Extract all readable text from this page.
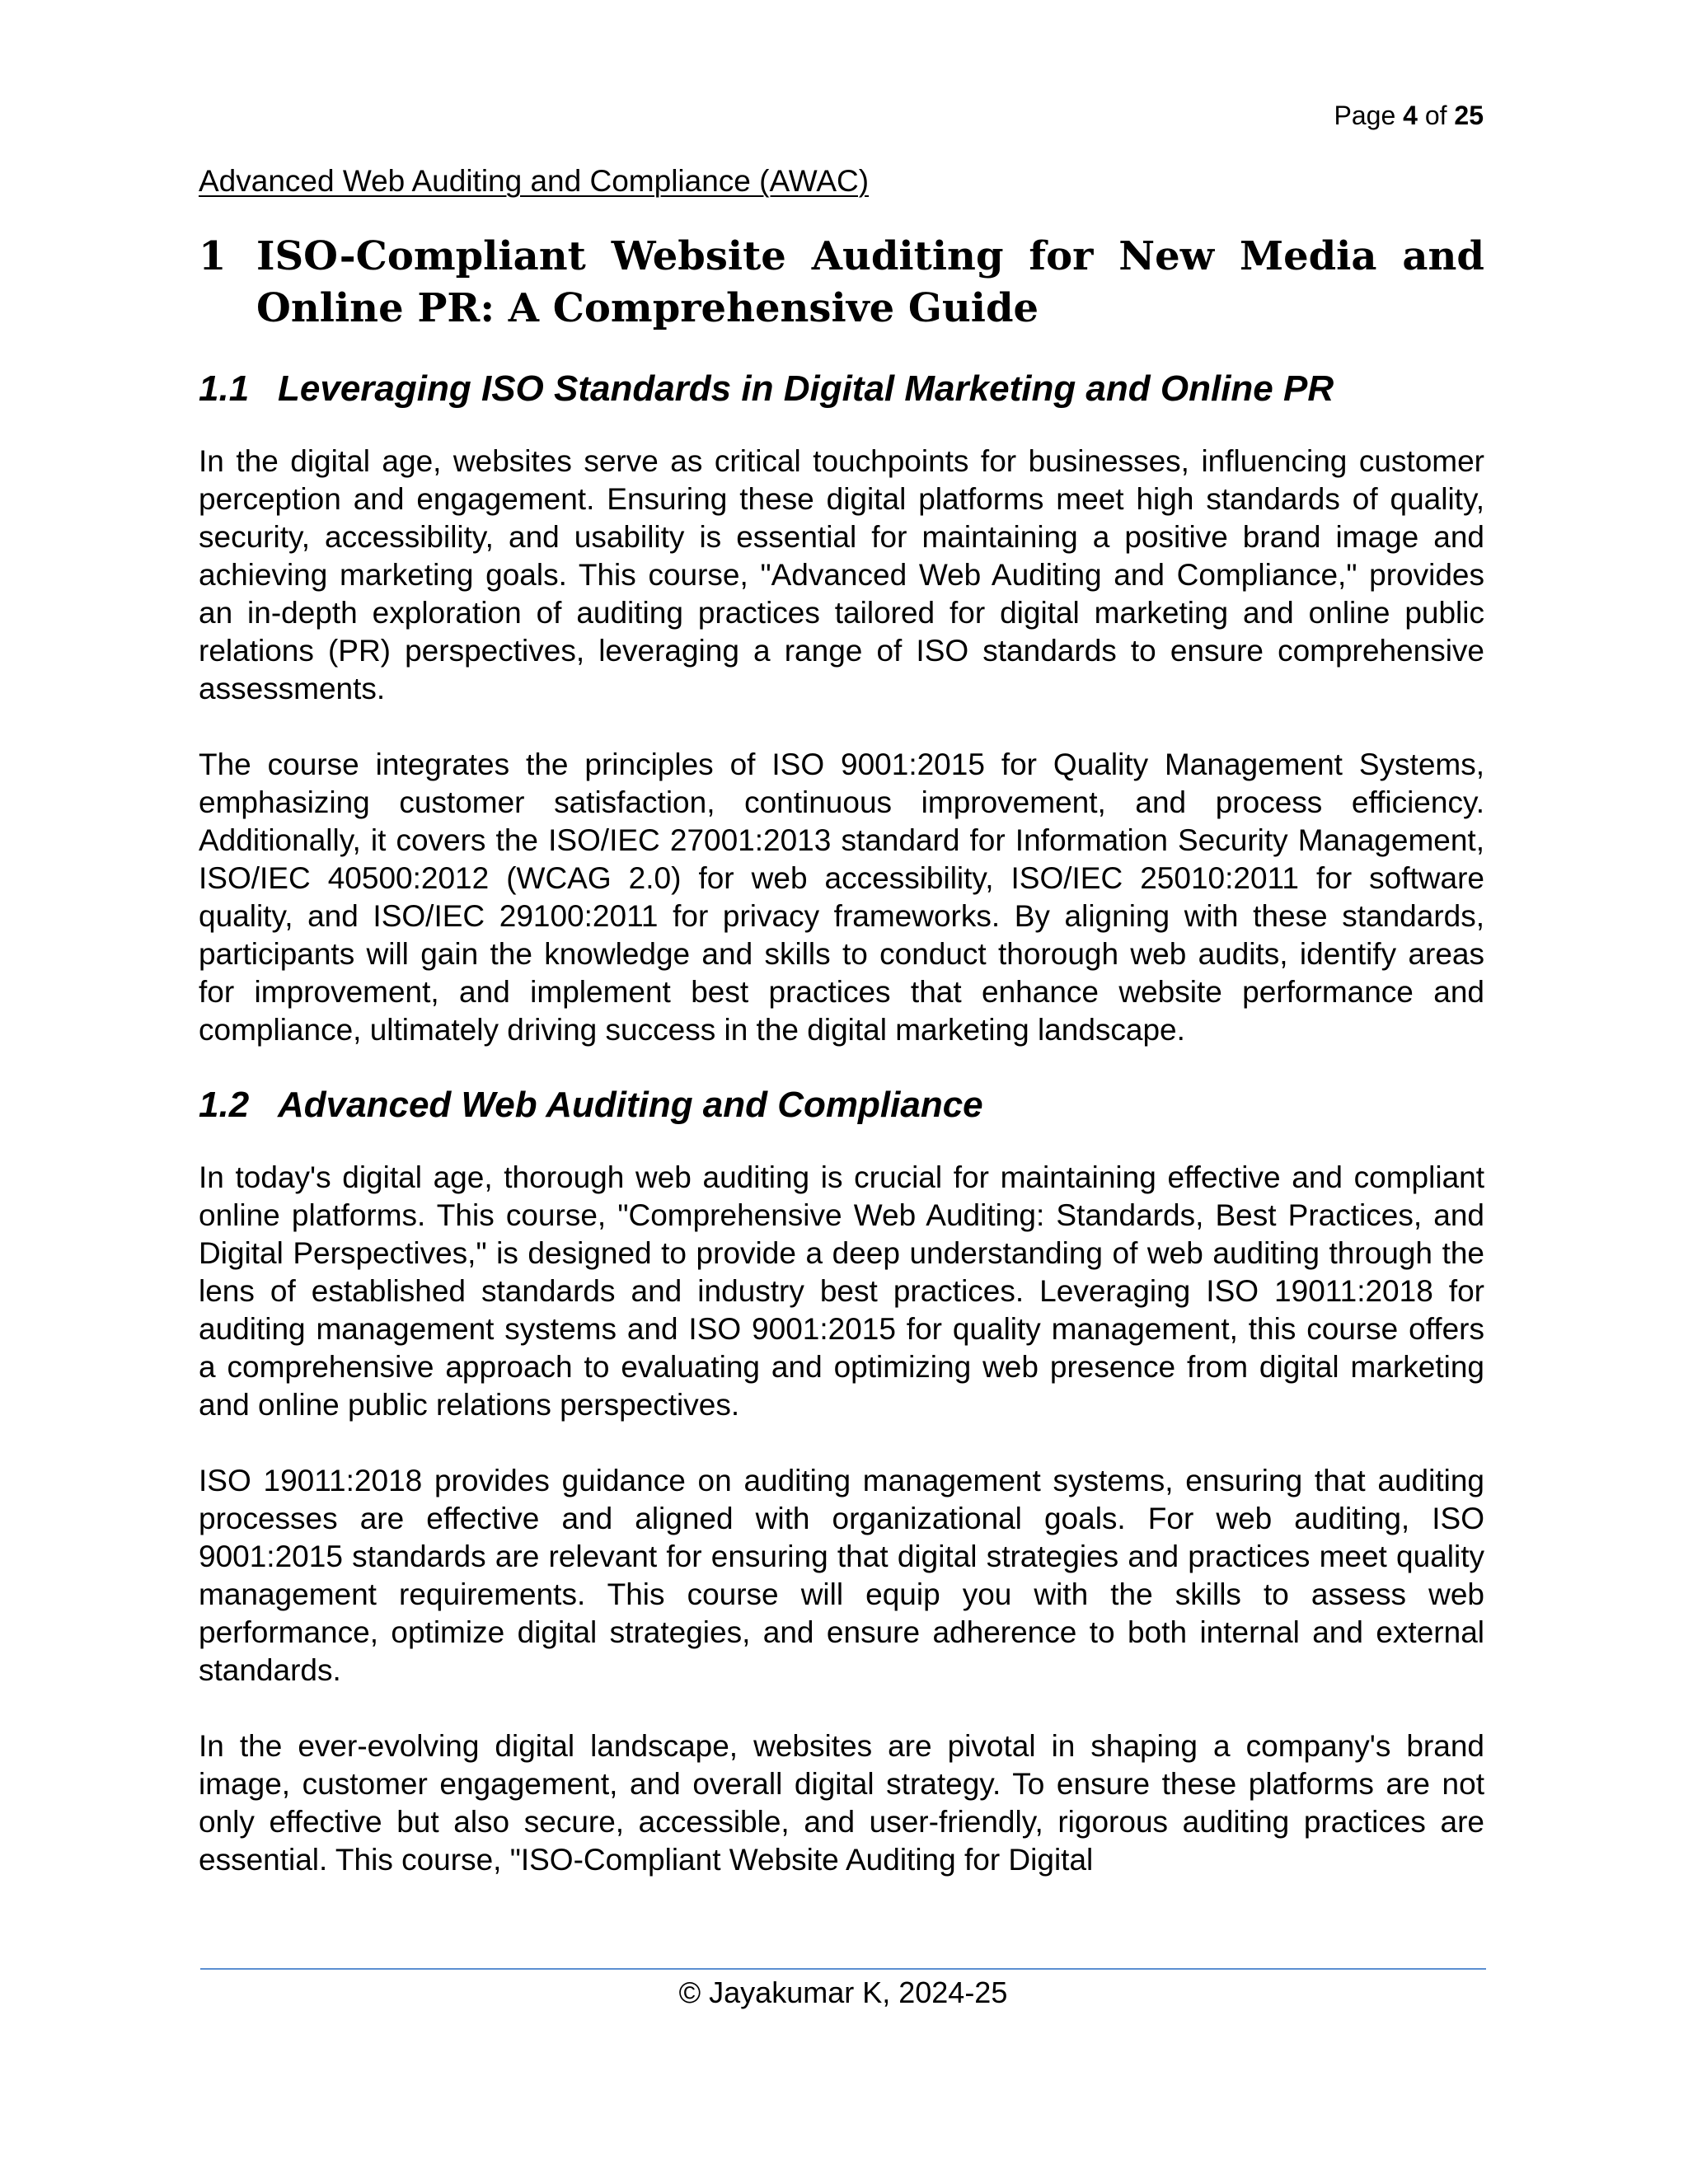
Page 4 of 25
Advanced Web Auditing and Compliance (AWAC)
1 ISO-Compliant Website Auditing for New Media and Online PR: A Comprehensive Guide
1.1 Leveraging ISO Standards in Digital Marketing and Online PR

In the digital age, websites serve as critical touchpoints for businesses, influencing customer perception and engagement. Ensuring these digital platforms meet high standards of quality, security, accessibility, and usability is essential for maintaining a positive brand image and achieving marketing goals. This course, "Advanced Web Auditing and Compliance," provides an in-depth exploration of auditing practices tailored for digital marketing and online public relations (PR) perspectives, leveraging a range of ISO standards to ensure comprehensive assessments.

The course integrates the principles of ISO 9001:2015 for Quality Management Systems, emphasizing customer satisfaction, continuous improvement, and process efficiency. Additionally, it covers the ISO/IEC 27001:2013 standard for Information Security Management, ISO/IEC 40500:2012 (WCAG 2.0) for web accessibility, ISO/IEC 25010:2011 for software quality, and ISO/IEC 29100:2011 for privacy frameworks. By aligning with these standards, participants will gain the knowledge and skills to conduct thorough web audits, identify areas for improvement, and implement best practices that enhance website performance and compliance, ultimately driving success in the digital marketing landscape.

1.2 Advanced Web Auditing and Compliance

In today's digital age, thorough web auditing is crucial for maintaining effective and compliant online platforms. This course, "Comprehensive Web Auditing: Standards, Best Practices, and Digital Perspectives," is designed to provide a deep understanding of web auditing through the lens of established standards and industry best practices. Leveraging ISO 19011:2018 for auditing management systems and ISO 9001:2015 for quality management, this course offers a comprehensive approach to evaluating and optimizing web presence from digital marketing and online public relations perspectives.

ISO 19011:2018 provides guidance on auditing management systems, ensuring that auditing processes are effective and aligned with organizational goals. For web auditing, ISO 9001:2015 standards are relevant for ensuring that digital strategies and practices meet quality management requirements. This course will equip you with the skills to assess web performance, optimize digital strategies, and ensure adherence to both internal and external standards.

In the ever-evolving digital landscape, websites are pivotal in shaping a company's brand image, customer engagement, and overall digital strategy. To ensure these platforms are not only effective but also secure, accessible, and user-friendly, rigorous auditing practices are essential. This course, "ISO-Compliant Website Auditing for Digital

© Jayakumar K, 2024-25
